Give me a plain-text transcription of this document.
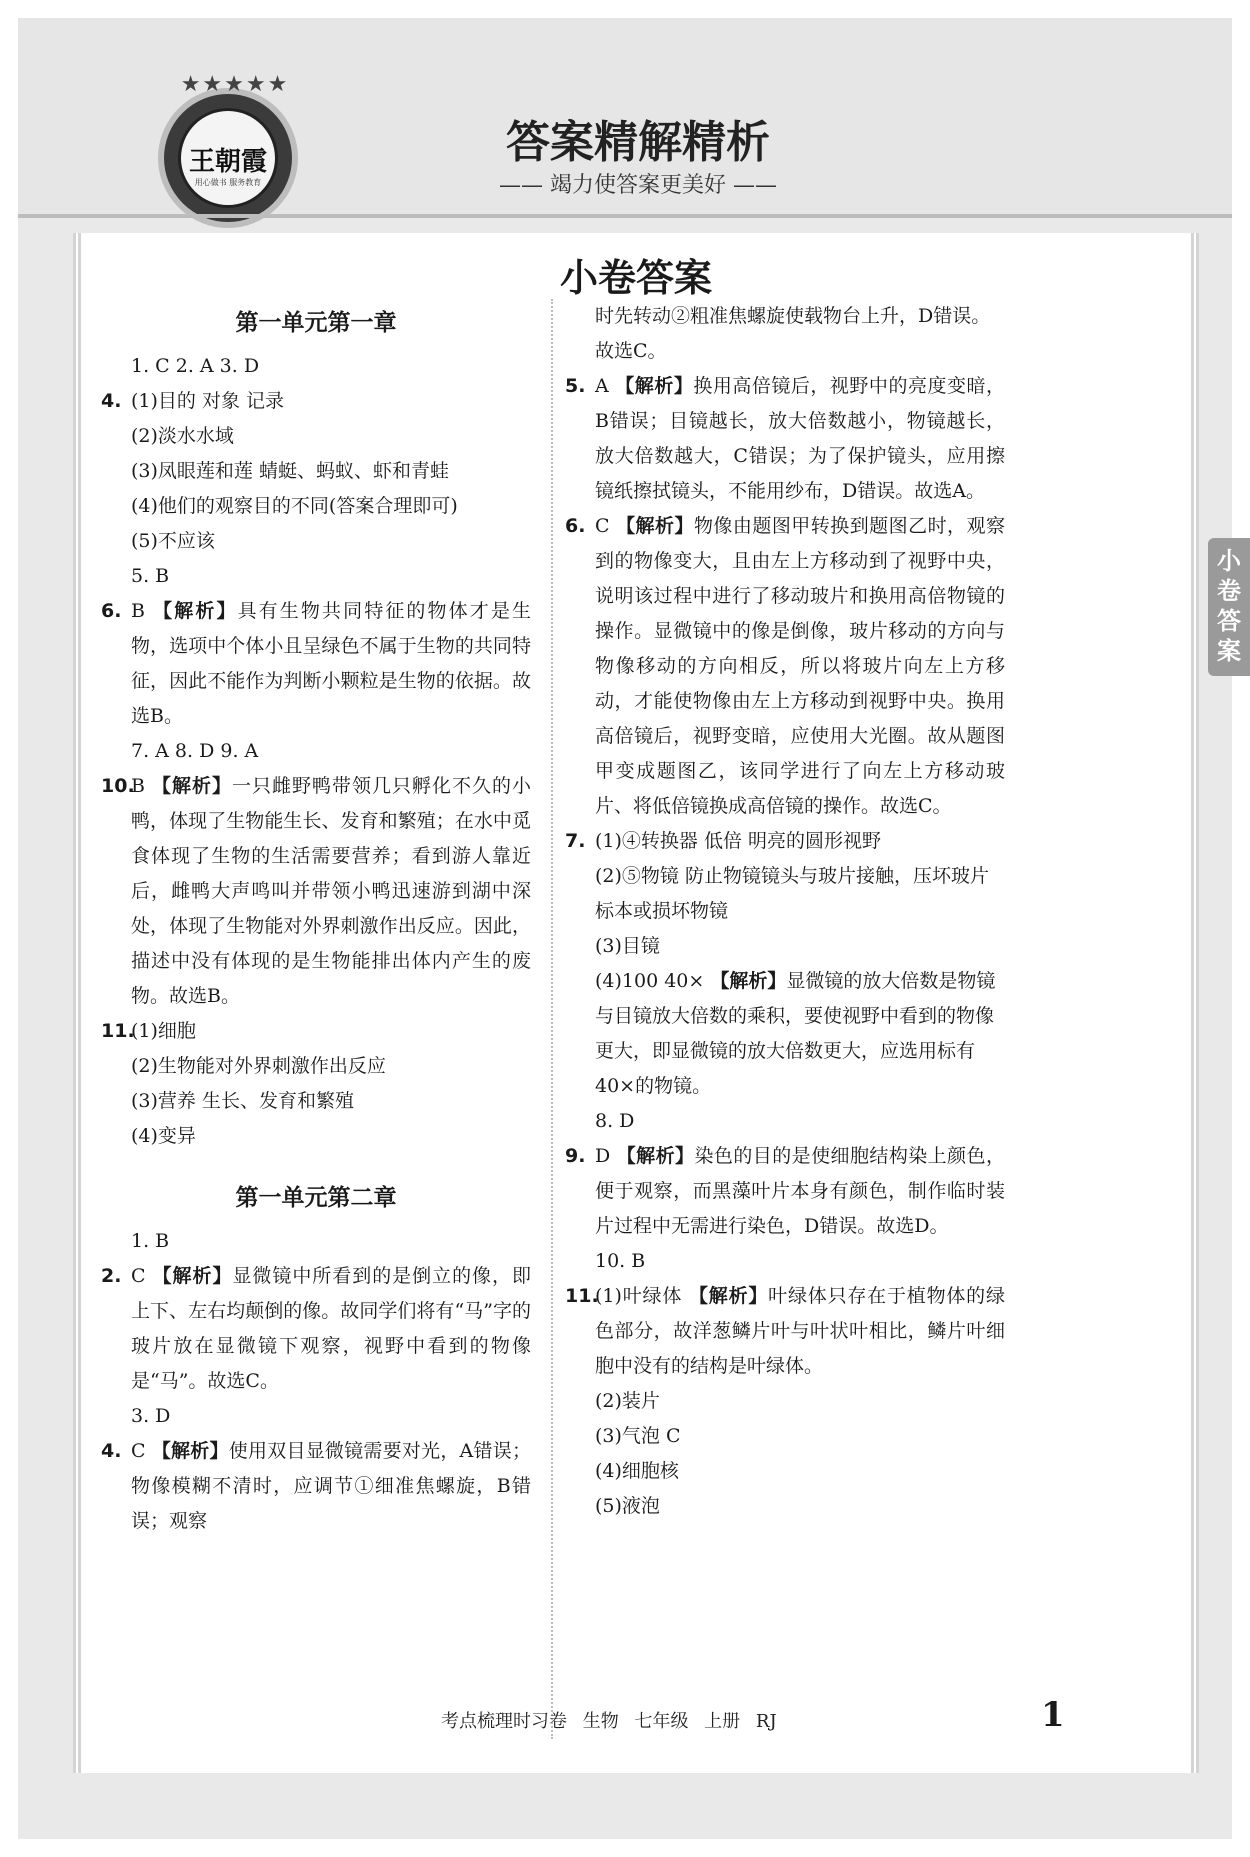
★★★★★
王朝霞
用心做书 服务教育
答案精解精析
—— 竭力使答案更美好 ——
小卷答案
小卷答案
第一单元第一章
1. C 2. A 3. D
4. (1)目的 对象 记录
(2)淡水水域
(3)凤眼莲和莲 蜻蜓、蚂蚁、虾和青蛙
(4)他们的观察目的不同(答案合理即可)
(5)不应该
5. B
6. B 【解析】具有生物共同特征的物体才是生物，选项中个体小且呈绿色不属于生物的共同特征，因此不能作为判断小颗粒是生物的依据。故选B。
7. A 8. D 9. A
10.
B 【解析】一只雌野鸭带领几只孵化不久的小鸭，体现了生物能生长、发育和繁殖；在水中觅食体现了生物的生活需要营养；看到游人靠近后，雌鸭大声鸣叫并带领小鸭迅速游到湖中深处，体现了生物能对外界刺激作出反应。因此，描述中没有体现的是生物能排出体内产生的废物。故选B。
11.
(1)细胞
(2)生物能对外界刺激作出反应
(3)营养 生长、发育和繁殖
(4)变异
第一单元第二章
1. B
2. C 【解析】显微镜中所看到的是倒立的像，即上下、左右均颠倒的像。故同学们将有“马”字的玻片放在显微镜下观察，视野中看到的物像是“马”。故选C。
3. D
4. C 【解析】使用双目显微镜需要对光，A错误；物像模糊不清时，应调节①细准焦螺旋，B错误；观察
时先转动②粗准焦螺旋使载物台上升，D错误。故选C。
5. A 【解析】换用高倍镜后，视野中的亮度变暗，B错误；目镜越长，放大倍数越小，物镜越长，放大倍数越大，C错误；为了保护镜头，应用擦镜纸擦拭镜头，不能用纱布，D错误。故选A。
6. C 【解析】物像由题图甲转换到题图乙时，观察到的物像变大，且由左上方移动到了视野中央，说明该过程中进行了移动玻片和换用高倍物镜的操作。显微镜中的像是倒像，玻片移动的方向与物像移动的方向相反，所以将玻片向左上方移动，才能使物像由左上方移动到视野中央。换用高倍镜后，视野变暗，应使用大光圈。故从题图甲变成题图乙，该同学进行了向左上方移动玻片、将低倍镜换成高倍镜的操作。故选C。
7. (1)④转换器 低倍 明亮的圆形视野
(2)⑤物镜 防止物镜镜头与玻片接触，压坏玻片标本或损坏物镜
(3)目镜
(4)100 40× 【解析】显微镜的放大倍数是物镜与目镜放大倍数的乘积，要使视野中看到的物像更大，即显微镜的放大倍数更大，应选用标有40×的物镜。
8. D
9. D 【解析】染色的目的是使细胞结构染上颜色，便于观察，而黑藻叶片本身有颜色，制作临时装片过程中无需进行染色，D错误。故选D。
10. B
11.
(1)叶绿体 【解析】叶绿体只存在于植物体的绿色部分，故洋葱鳞片叶与叶状叶相比，鳞片叶细胞中没有的结构是叶绿体。
(2)装片
(3)气泡 C
(4)细胞核
(5)液泡
考点梳理时习卷 生物 七年级 上册 RJ	1
